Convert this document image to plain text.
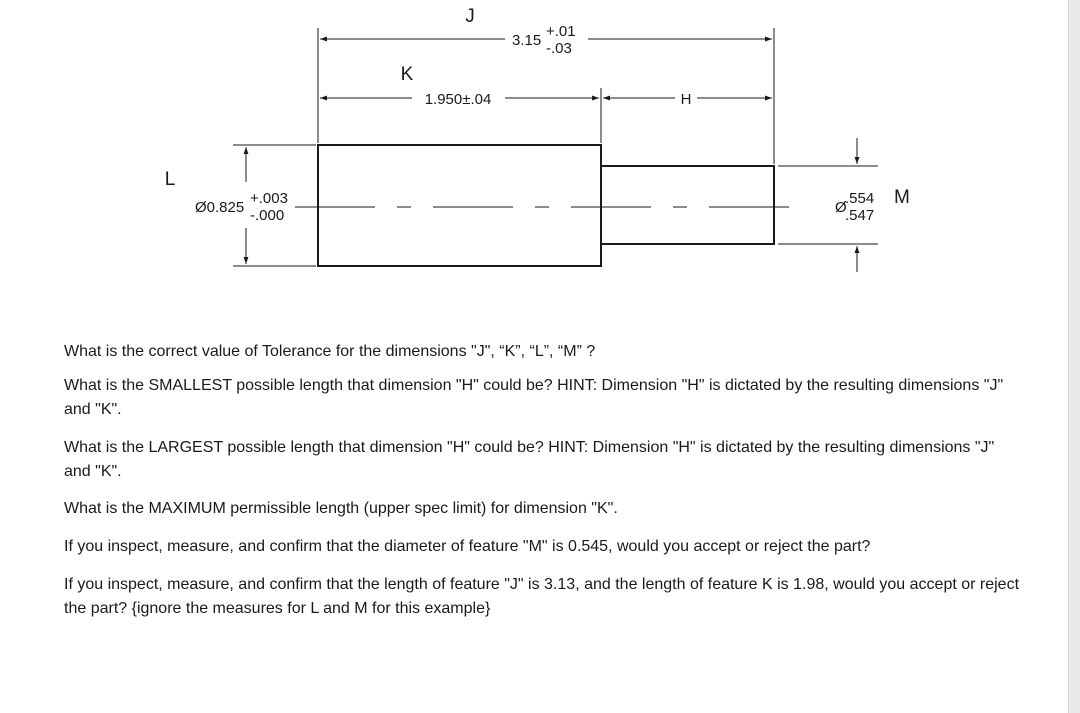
J
3.15
+.01
-.03
K
1.950±.04	H
L
Ø0.825
+.003
-.000	Ø
.554
.547
M

What is the correct value of Tolerance for the dimensions "J", “K”, “L”, “M” ?

What is the SMALLEST possible length that dimension "H" could be? HINT: Dimension "H" is dictated by the resulting dimensions "J" and "K".

What is the LARGEST possible length that dimension "H" could be? HINT: Dimension "H" is dictated by the resulting dimensions "J" and "K".

What is the MAXIMUM permissible length (upper spec limit) for dimension "K".

If you inspect, measure, and confirm that the diameter of feature "M" is 0.545, would you accept or reject the part?

If you inspect, measure, and confirm that the length of feature "J" is 3.13, and the length of feature K is 1.98, would you accept or reject the part? {ignore the measures for L and M for this example}
